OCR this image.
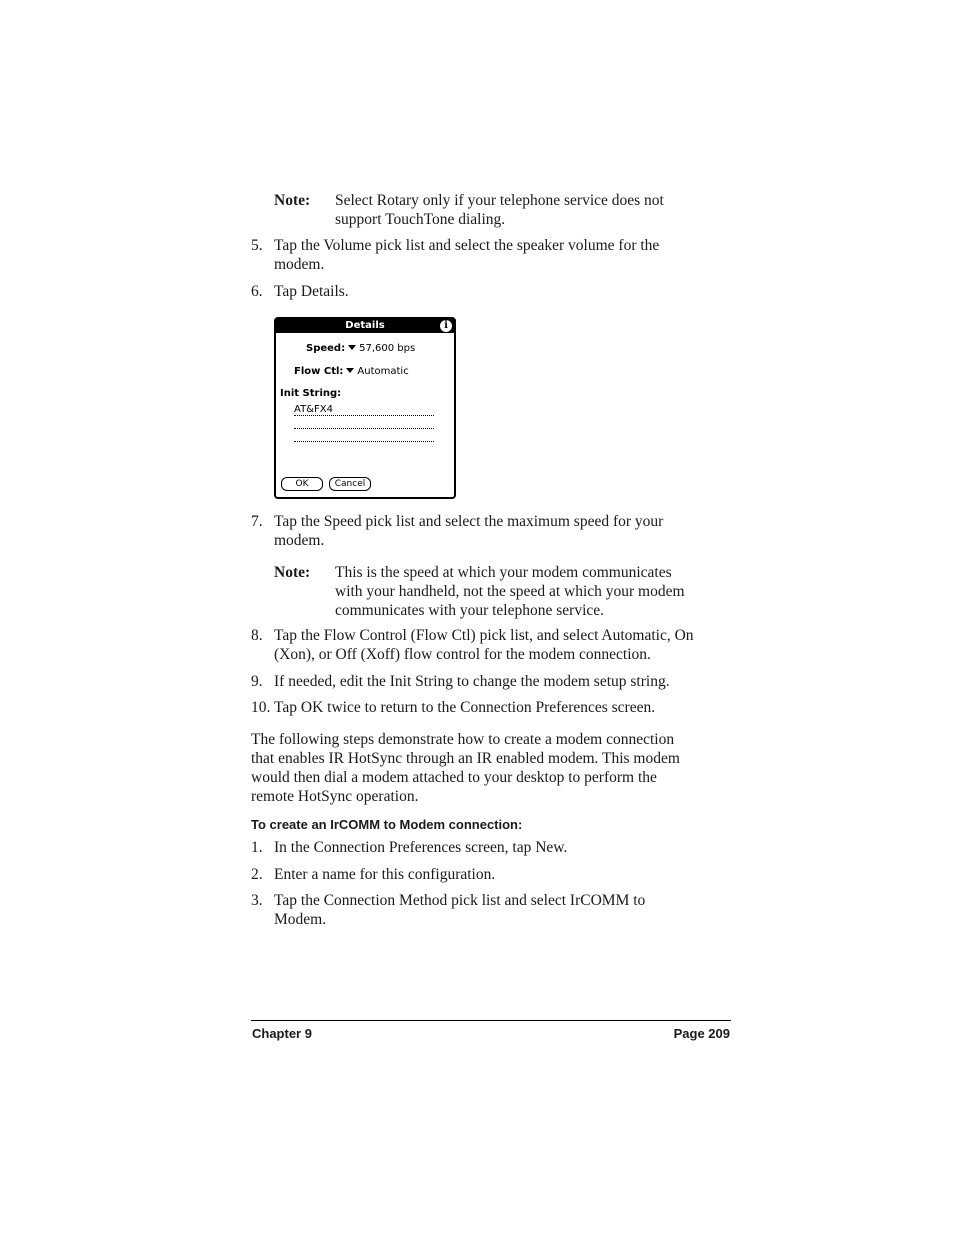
Note: Select Rotary only if your telephone service does not
support TouchTone dialing.
5. Tap the Volume pick list and select the speaker volume for the
modem.
6. Tap Details.
Details	i
Speed: 57,600 bps
Flow Ctl: Automatic
Init String:
AT&FX4
OK	Cancel
7. Tap the Speed pick list and select the maximum speed for your
modem.
Note: This is the speed at which your modem communicates
with your handheld, not the speed at which your modem
communicates with your telephone service.
8. Tap the Flow Control (Flow Ctl) pick list, and select Automatic, On
(Xon), or Off (Xoff) flow control for the modem connection.
9. If needed, edit the Init String to change the modem setup string.
10. Tap OK twice to return to the Connection Preferences screen.
The following steps demonstrate how to create a modem connection
that enables IR HotSync through an IR enabled modem. This modem
would then dial a modem attached to your desktop to perform the
remote HotSync operation.
To create an IrCOMM to Modem connection:
1. In the Connection Preferences screen, tap New.
2. Enter a name for this configuration.
3. Tap the Connection Method pick list and select IrCOMM to
Modem.
Chapter 9	Page 209
